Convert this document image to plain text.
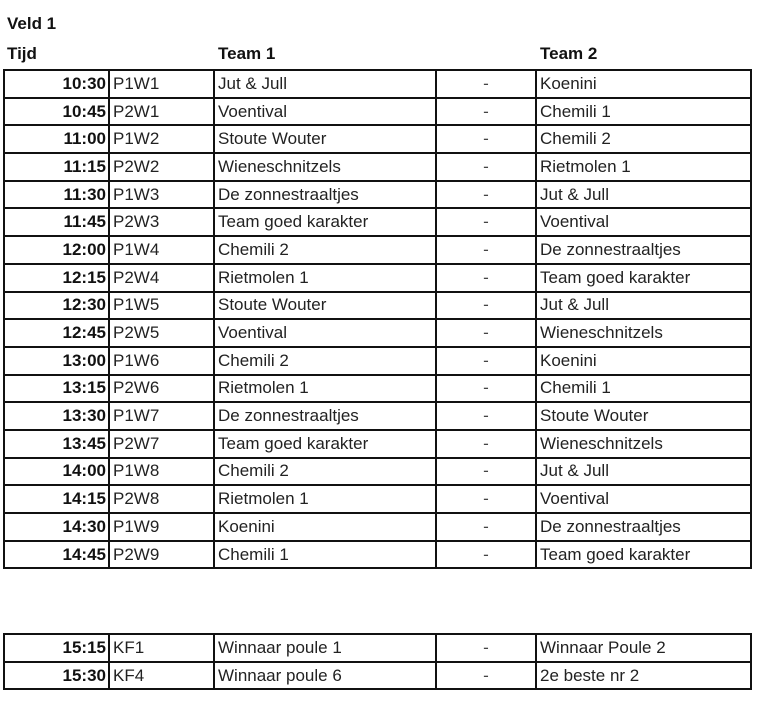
Veld 1
Tijd	Team 1	Team 2
10:30	P1W1	Jut & Jull	-	Koenini
10:45	P2W1	Voentival	-	Chemili 1
11:00	P1W2	Stoute Wouter	-	Chemili 2
11:15	P2W2	Wieneschnitzels	-	Rietmolen 1
11:30	P1W3	De zonnestraaltjes	-	Jut & Jull
11:45	P2W3	Team goed karakter	-	Voentival
12:00	P1W4	Chemili 2	-	De zonnestraaltjes
12:15	P2W4	Rietmolen 1	-	Team goed karakter
12:30	P1W5	Stoute Wouter	-	Jut & Jull
12:45	P2W5	Voentival	-	Wieneschnitzels
13:00	P1W6	Chemili 2	-	Koenini
13:15	P2W6	Rietmolen 1	-	Chemili 1
13:30	P1W7	De zonnestraaltjes	-	Stoute Wouter
13:45	P2W7	Team goed karakter	-	Wieneschnitzels
14:00	P1W8	Chemili 2	-	Jut & Jull
14:15	P2W8	Rietmolen 1	-	Voentival
14:30	P1W9	Koenini	-	De zonnestraaltjes
14:45	P2W9	Chemili 1	-	Team goed karakter
15:15	KF1	Winnaar poule 1	-	Winnaar Poule 2
15:30	KF4	Winnaar poule 6	-	2e beste nr 2
